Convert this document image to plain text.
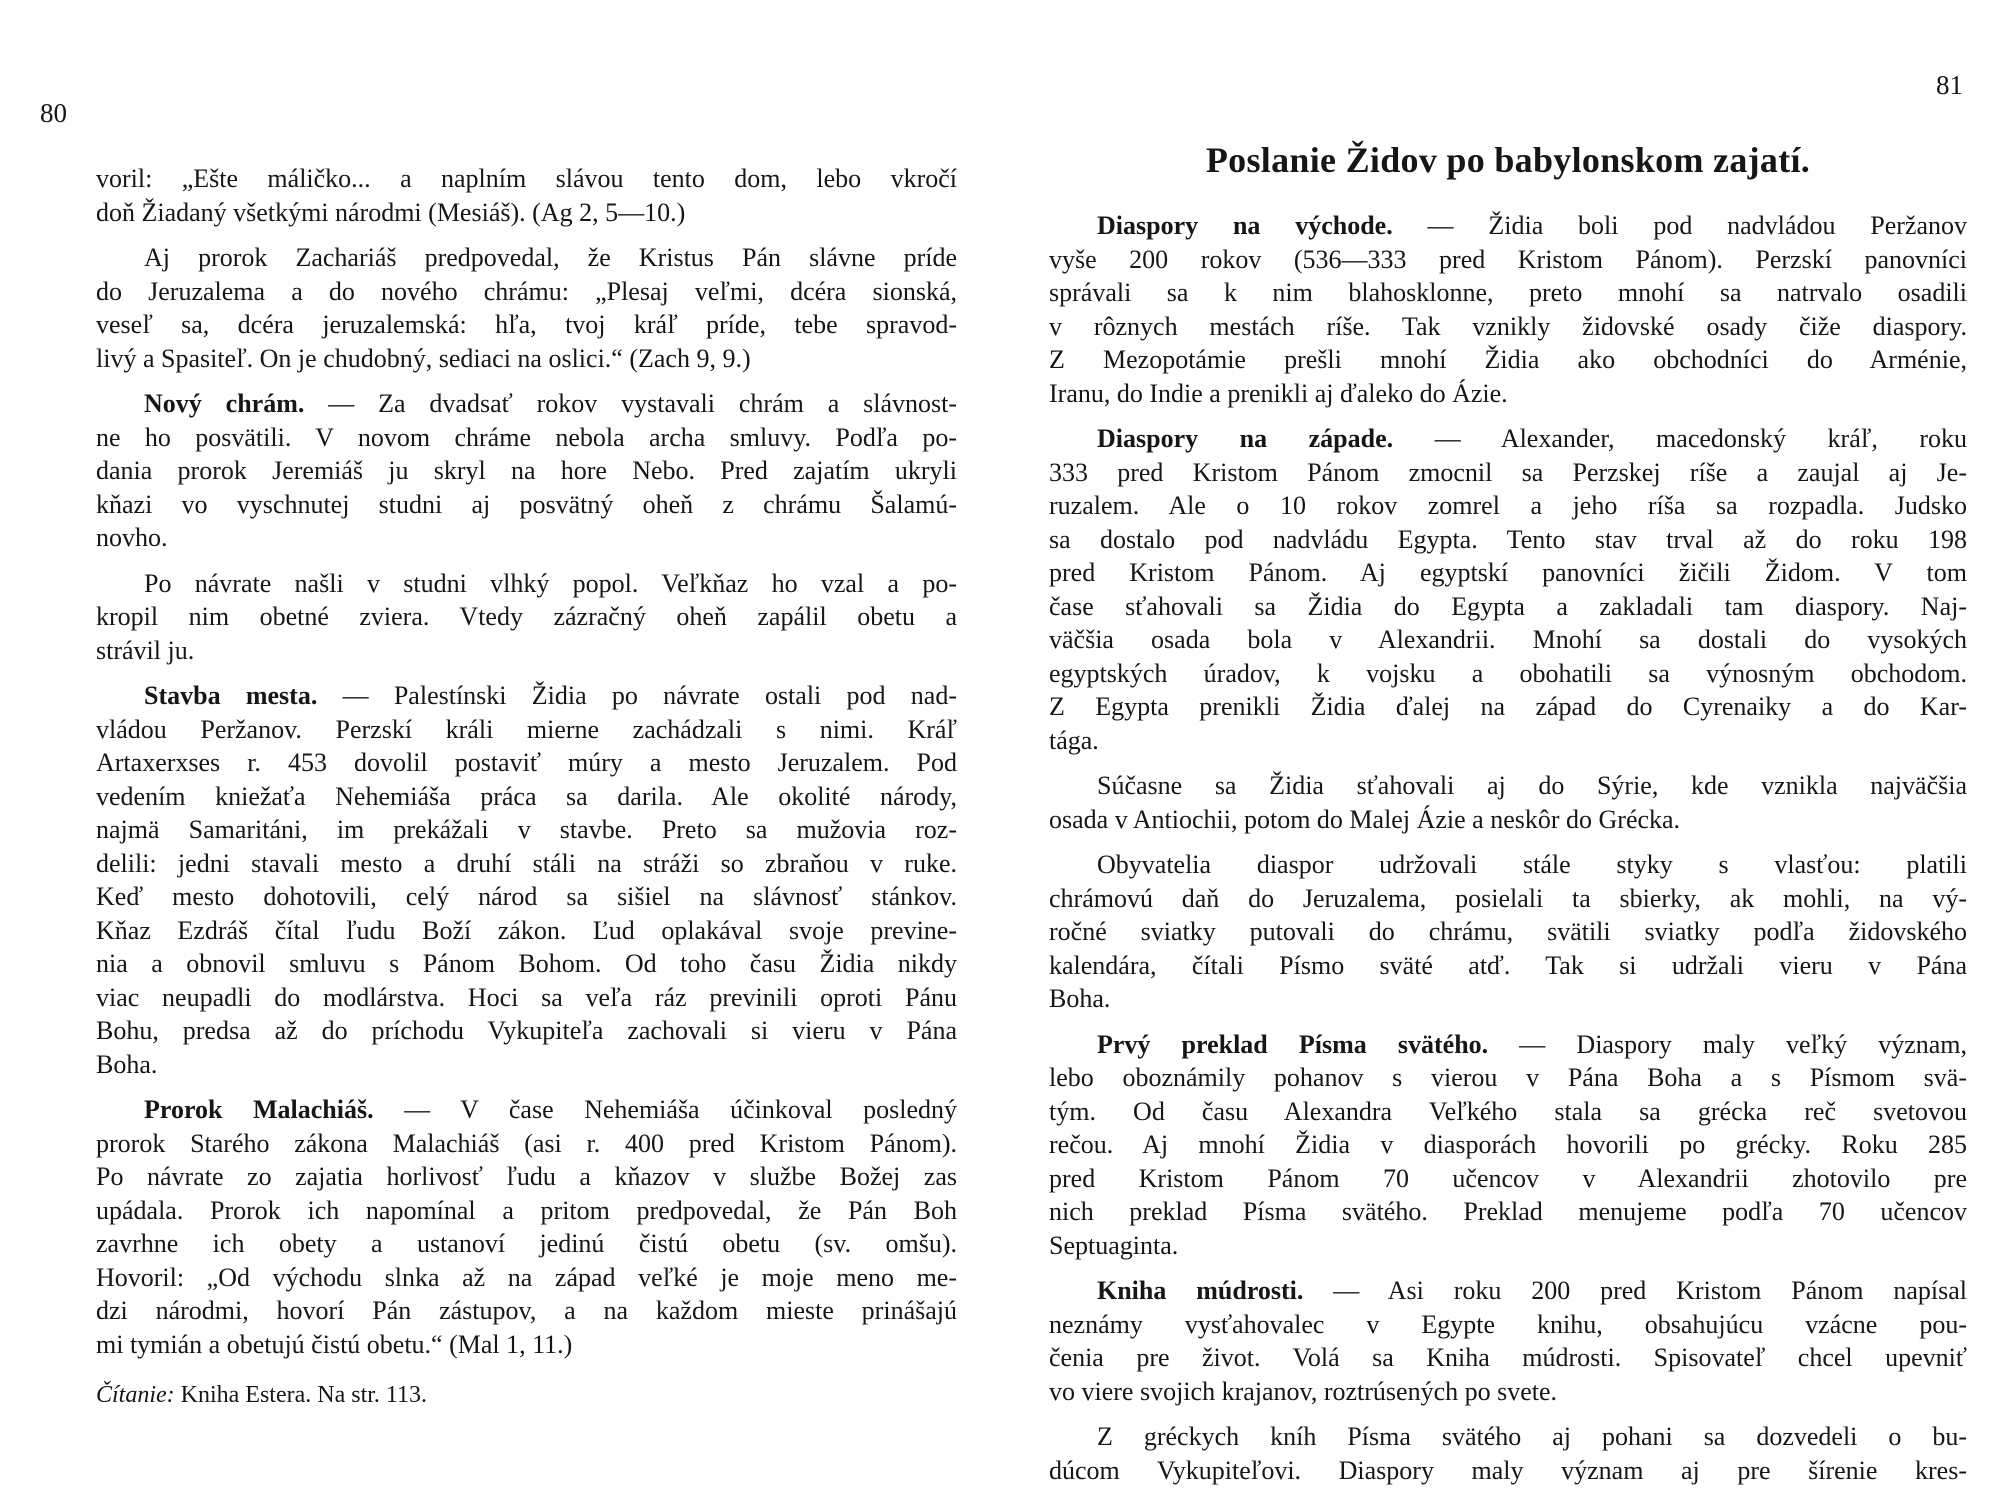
80
81
Poslanie Židov po babylonskom zajatí.
voril: „Ešte máličko... a naplním slávou tento dom, lebo vkročí
doň Žiadaný všetkými národmi (Mesiáš). (Ag 2, 5—10.)
Aj prorok Zachariáš predpovedal, že Kristus Pán slávne príde
do Jeruzalema a do nového chrámu: „Plesaj veľmi, dcéra sionská,
veseľ sa, dcéra jeruzalemská: hľa, tvoj kráľ príde, tebe spravod-
livý a Spasiteľ. On je chudobný, sediaci na oslici.“ (Zach 9, 9.)
Nový chrám. — Za dvadsať rokov vystavali chrám a slávnost-
ne ho posvätili. V novom chráme nebola archa smluvy. Podľa po-
dania prorok Jeremiáš ju skryl na hore Nebo. Pred zajatím ukryli
kňazi vo vyschnutej studni aj posvätný oheň z chrámu Šalamú-
novho.
Po návrate našli v studni vlhký popol. Veľkňaz ho vzal a po-
kropil nim obetné zviera. Vtedy zázračný oheň zapálil obetu a
strávil ju.
Stavba mesta. — Palestínski Židia po návrate ostali pod nad-
vládou Peržanov. Perzskí králi mierne zachádzali s nimi. Kráľ
Artaxerxses r. 453 dovolil postaviť múry a mesto Jeruzalem. Pod
vedením kniežaťa Nehemiáša práca sa darila. Ale okolité národy,
najmä Samaritáni, im prekážali v stavbe. Preto sa mužovia roz-
delili: jedni stavali mesto a druhí stáli na stráži so zbraňou v ruke.
Keď mesto dohotovili, celý národ sa sišiel na slávnosť stánkov.
Kňaz Ezdráš čítal ľudu Boží zákon. Ľud oplakával svoje previne-
nia a obnovil smluvu s Pánom Bohom. Od toho času Židia nikdy
viac neupadli do modlárstva. Hoci sa veľa ráz previnili oproti Pánu
Bohu, predsa až do príchodu Vykupiteľa zachovali si vieru v Pána
Boha.
Prorok Malachiáš. — V čase Nehemiáša účinkoval posledný
prorok Starého zákona Malachiáš (asi r. 400 pred Kristom Pánom).
Po návrate zo zajatia horlivosť ľudu a kňazov v službe Božej zas
upádala. Prorok ich napomínal a pritom predpovedal, že Pán Boh
zavrhne ich obety a ustanoví jedinú čistú obetu (sv. omšu).
Hovoril: „Od východu slnka až na západ veľké je moje meno me-
dzi národmi, hovorí Pán zástupov, a na každom mieste prinášajú
mi tymián a obetujú čistú obetu.“ (Mal 1, 11.)
Čítanie: Kniha Estera. Na str. 113.
Diaspory na východe. — Židia boli pod nadvládou Peržanov
vyše 200 rokov (536—333 pred Kristom Pánom). Perzskí panovníci
správali sa k nim blahosklonne, preto mnohí sa natrvalo osadili
v rôznych mestách ríše. Tak vznikly židovské osady čiže diaspory.
Z Mezopotámie prešli mnohí Židia ako obchodníci do Arménie,
Iranu, do Indie a prenikli aj ďaleko do Ázie.
Diaspory na západe. — Alexander, macedonský kráľ, roku
333 pred Kristom Pánom zmocnil sa Perzskej ríše a zaujal aj Je-
ruzalem. Ale o 10 rokov zomrel a jeho ríša sa rozpadla. Judsko
sa dostalo pod nadvládu Egypta. Tento stav trval až do roku 198
pred Kristom Pánom. Aj egyptskí panovníci žičili Židom. V tom
čase sťahovali sa Židia do Egypta a zakladali tam diaspory. Naj-
väčšia osada bola v Alexandrii. Mnohí sa dostali do vysokých
egyptských úradov, k vojsku a obohatili sa výnosným obchodom.
Z Egypta prenikli Židia ďalej na západ do Cyrenaiky a do Kar-
tága.
Súčasne sa Židia sťahovali aj do Sýrie, kde vznikla najväčšia
osada v Antiochii, potom do Malej Ázie a neskôr do Grécka.
Obyvatelia diaspor udržovali stále styky s vlasťou: platili
chrámovú daň do Jeruzalema, posielali ta sbierky, ak mohli, na vý-
ročné sviatky putovali do chrámu, svätili sviatky podľa židovského
kalendára, čítali Písmo sväté atď. Tak si udržali vieru v Pána
Boha.
Prvý preklad Písma svätého. — Diaspory maly veľký význam,
lebo oboznámily pohanov s vierou v Pána Boha a s Písmom svä-
tým. Od času Alexandra Veľkého stala sa grécka reč svetovou
rečou. Aj mnohí Židia v diasporách hovorili po grécky. Roku 285
pred Kristom Pánom 70 učencov v Alexandrii zhotovilo pre
nich preklad Písma svätého. Preklad menujeme podľa 70 učencov
Septuaginta.
Kniha múdrosti. — Asi roku 200 pred Kristom Pánom napísal
neznámy vysťahovalec v Egypte knihu, obsahujúcu vzácne pou-
čenia pre život. Volá sa Kniha múdrosti. Spisovateľ chcel upevniť
vo viere svojich krajanov, roztrúsených po svete.
Z gréckych kníh Písma svätého aj pohani sa dozvedeli o bu-
dúcom Vykupiteľovi. Diaspory maly význam aj pre šírenie kres-
